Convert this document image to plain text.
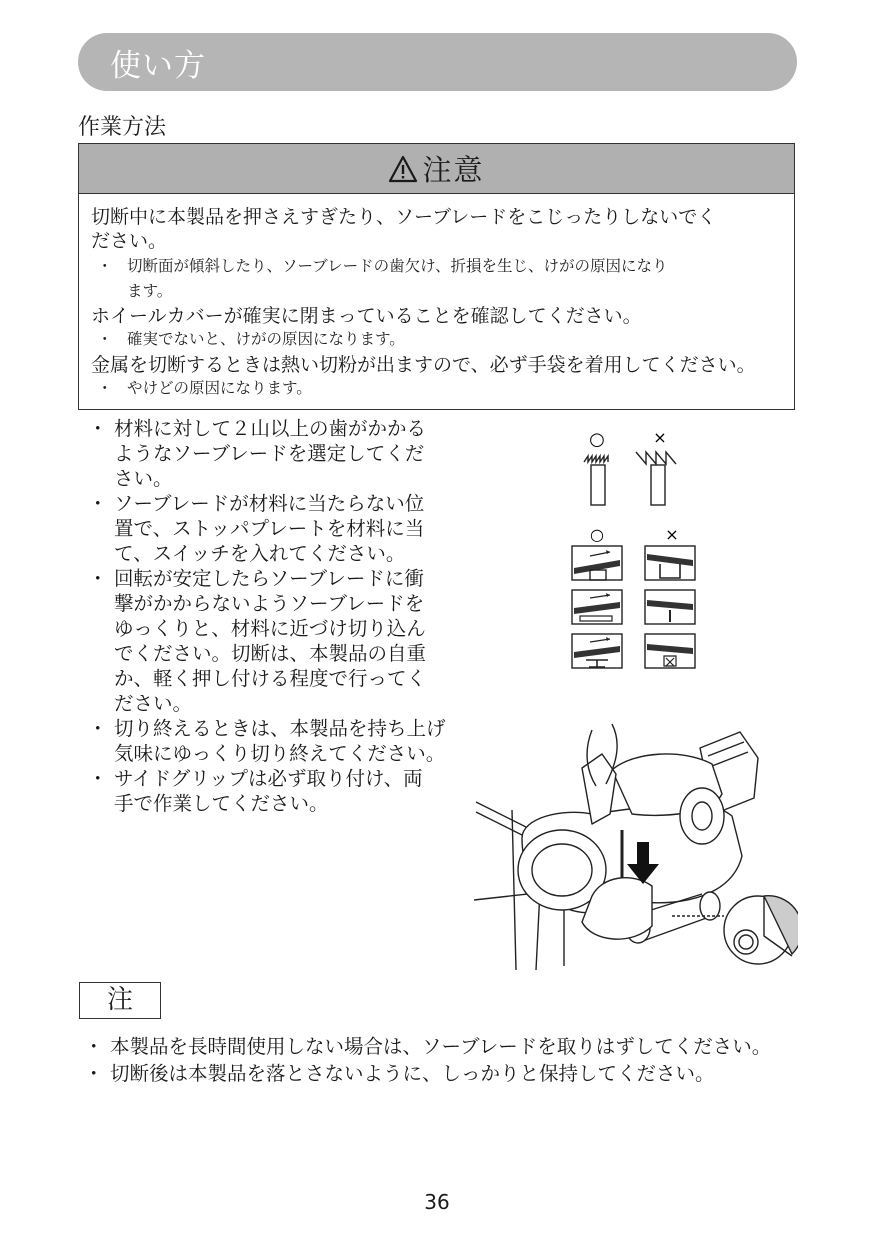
使い方
作業方法
注意
切断中に本製品を押さえすぎたり、ソーブレードをこじったりしないでく
ださい。
・ 切断面が傾斜したり、ソーブレードの歯欠け、折損を生じ、けがの原因になり
ます。
ホイールカバーが確実に閉まっていることを確認してください。
・ 確実でないと、けがの原因になります。
金属を切断するときは熱い切粉が出ますので、必ず手袋を着用してください。
・ やけどの原因になります。
・ 材料に対して２山以上の歯がかかる
ようなソーブレードを選定してくだ
さい。
・ ソーブレードが材料に当たらない位
置で、ストッパプレートを材料に当
て、スイッチを入れてください。
・ 回転が安定したらソーブレードに衝
撃がかからないようソーブレードを
ゆっくりと、材料に近づけ切り込ん
でください。切断は、本製品の自重
か、軽く押し付ける程度で行ってく
ださい。
・ 切り終えるときは、本製品を持ち上げ
気味にゆっくり切り終えてください。
・ サイドグリップは必ず取り付け、両
手で作業してください。
○	×
○	×
注
・ 本製品を長時間使用しない場合は、ソーブレードを取りはずしてください。
・ 切断後は本製品を落とさないように、しっかりと保持してください。
36
